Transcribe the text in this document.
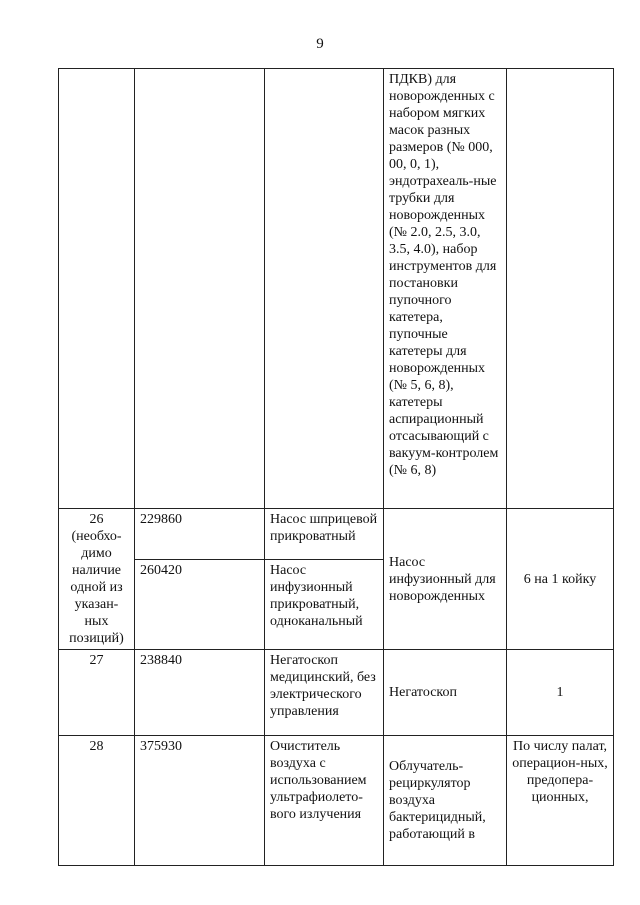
9
			ПДКВ) для новорожденных с набором мягких масок разных размеров (№ 000, 00, 0, 1), эндотрахеаль-ные трубки для новорожденных (№ 2.0, 2.5, 3.0, 3.5, 4.0), набор инструментов для постановки пупочного катетера, пупочные катетеры для новорожденных (№ 5, 6, 8), катетеры аспирационный отсасывающий с вакуум-контролем (№ 6, 8)	
26 (необхо-димо наличие одной из указан-ных позиций)	229860	Насос шприцевой прикроватный	Насос инфузионный для новорожденных	6 на 1 койку
	260420	Насос инфузионный прикроватный, одноканальный		
27	238840	Негатоскоп медицинский, без электрического управления	Негатоскоп	1
28	375930	Очиститель воздуха с использованием ультрафиолето-вого излучения	Облучатель-рециркулятор воздуха бактерицидный, работающий в	По числу палат, операцион-ных, предопера-ционных,
